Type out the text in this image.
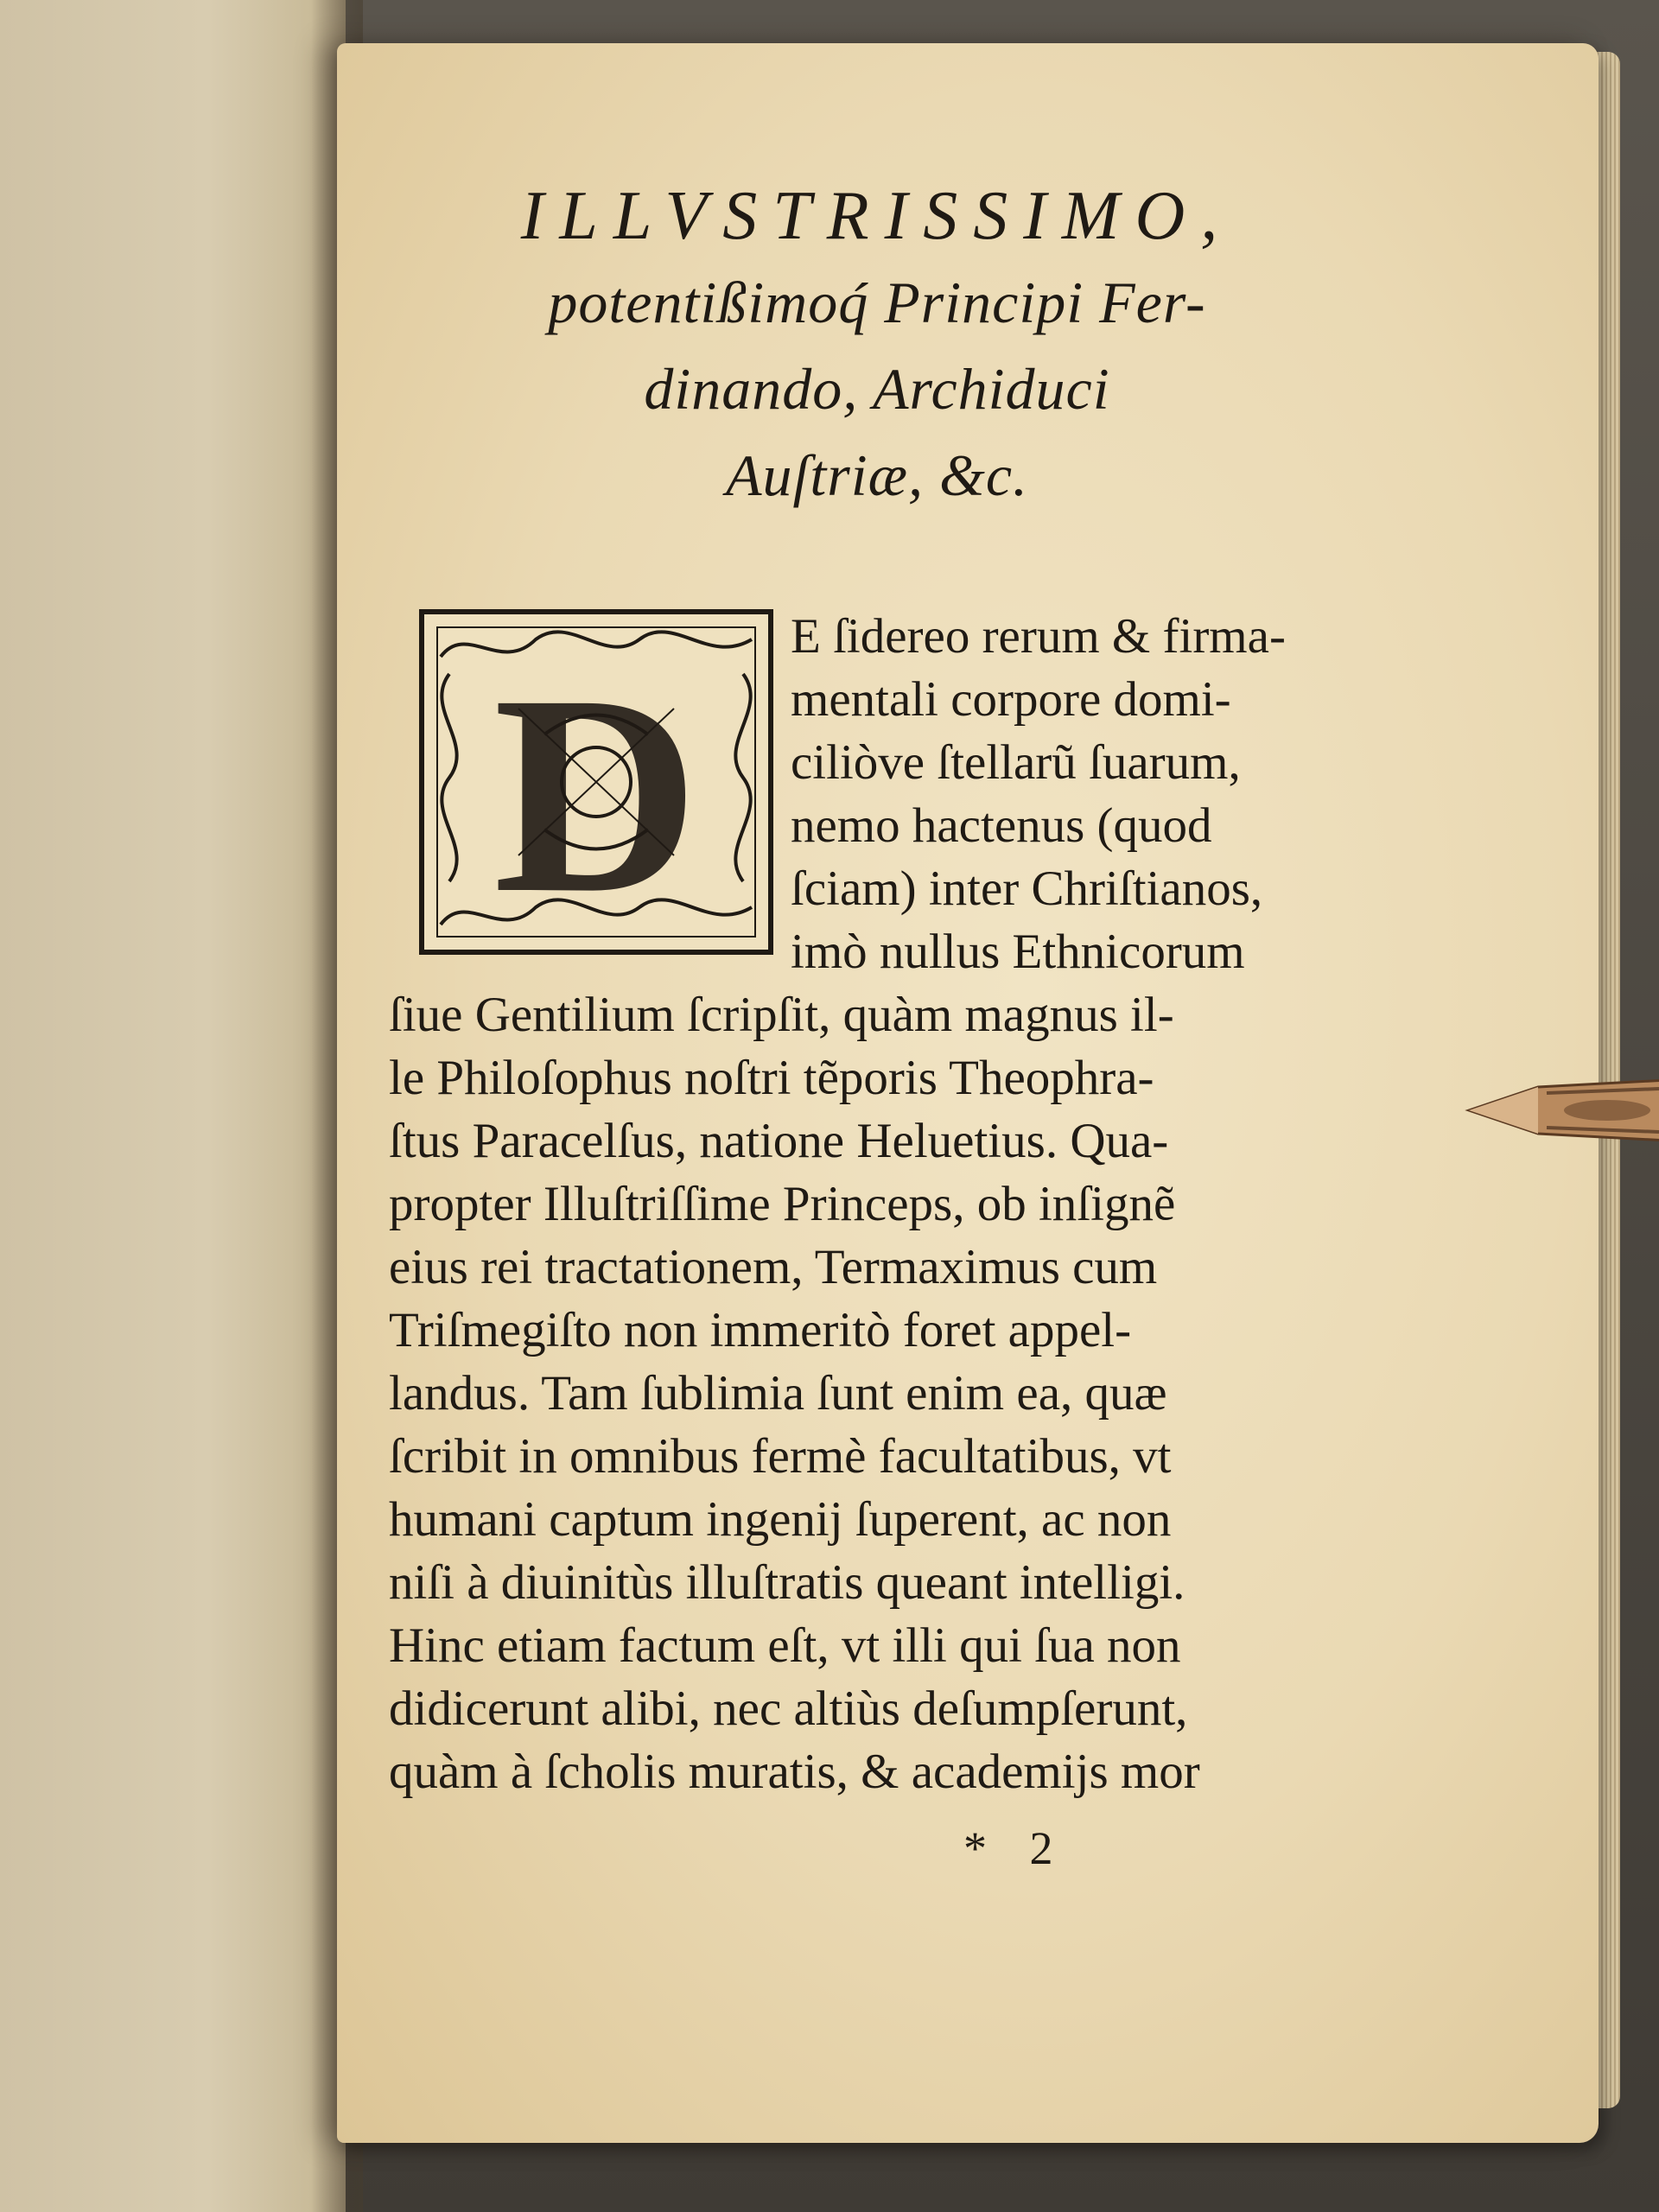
ILLVSTRISSIMO,

potentißimoq́ Principi Fer-

dinando, Archiduci

Auſtriæ, &c.

D
E ſidereo rerum & firma-
mentali corpore domi-
ciliòve ſtellarũ ſuarum,
nemo hactenus (quod
ſciam) inter Chriſtianos,
imò nullus Ethnicorum
ſiue Gentilium ſcripſit, quàm magnus il-
le Philoſophus noſtri tẽporis Theophra-
ſtus Paracelſus, natione Heluetius. Qua-
propter Illuſtriſſime Princeps, ob inſignẽ
eius rei tractationem, Termaximus cum
Triſmegiſto non immeritò foret appel-
landus. Tam ſublimia ſunt enim ea, quæ
ſcribit in omnibus fermè facultatibus, vt
humani captum ingenij ſuperent, ac non
niſi à diuinitùs illuſtratis queant intelligi.
Hinc etiam factum eſt, vt illi qui ſua non
didicerunt alibi, nec altiùs deſumpſerunt,
quàm à ſcholis muratis, & academijs mor
* 2
